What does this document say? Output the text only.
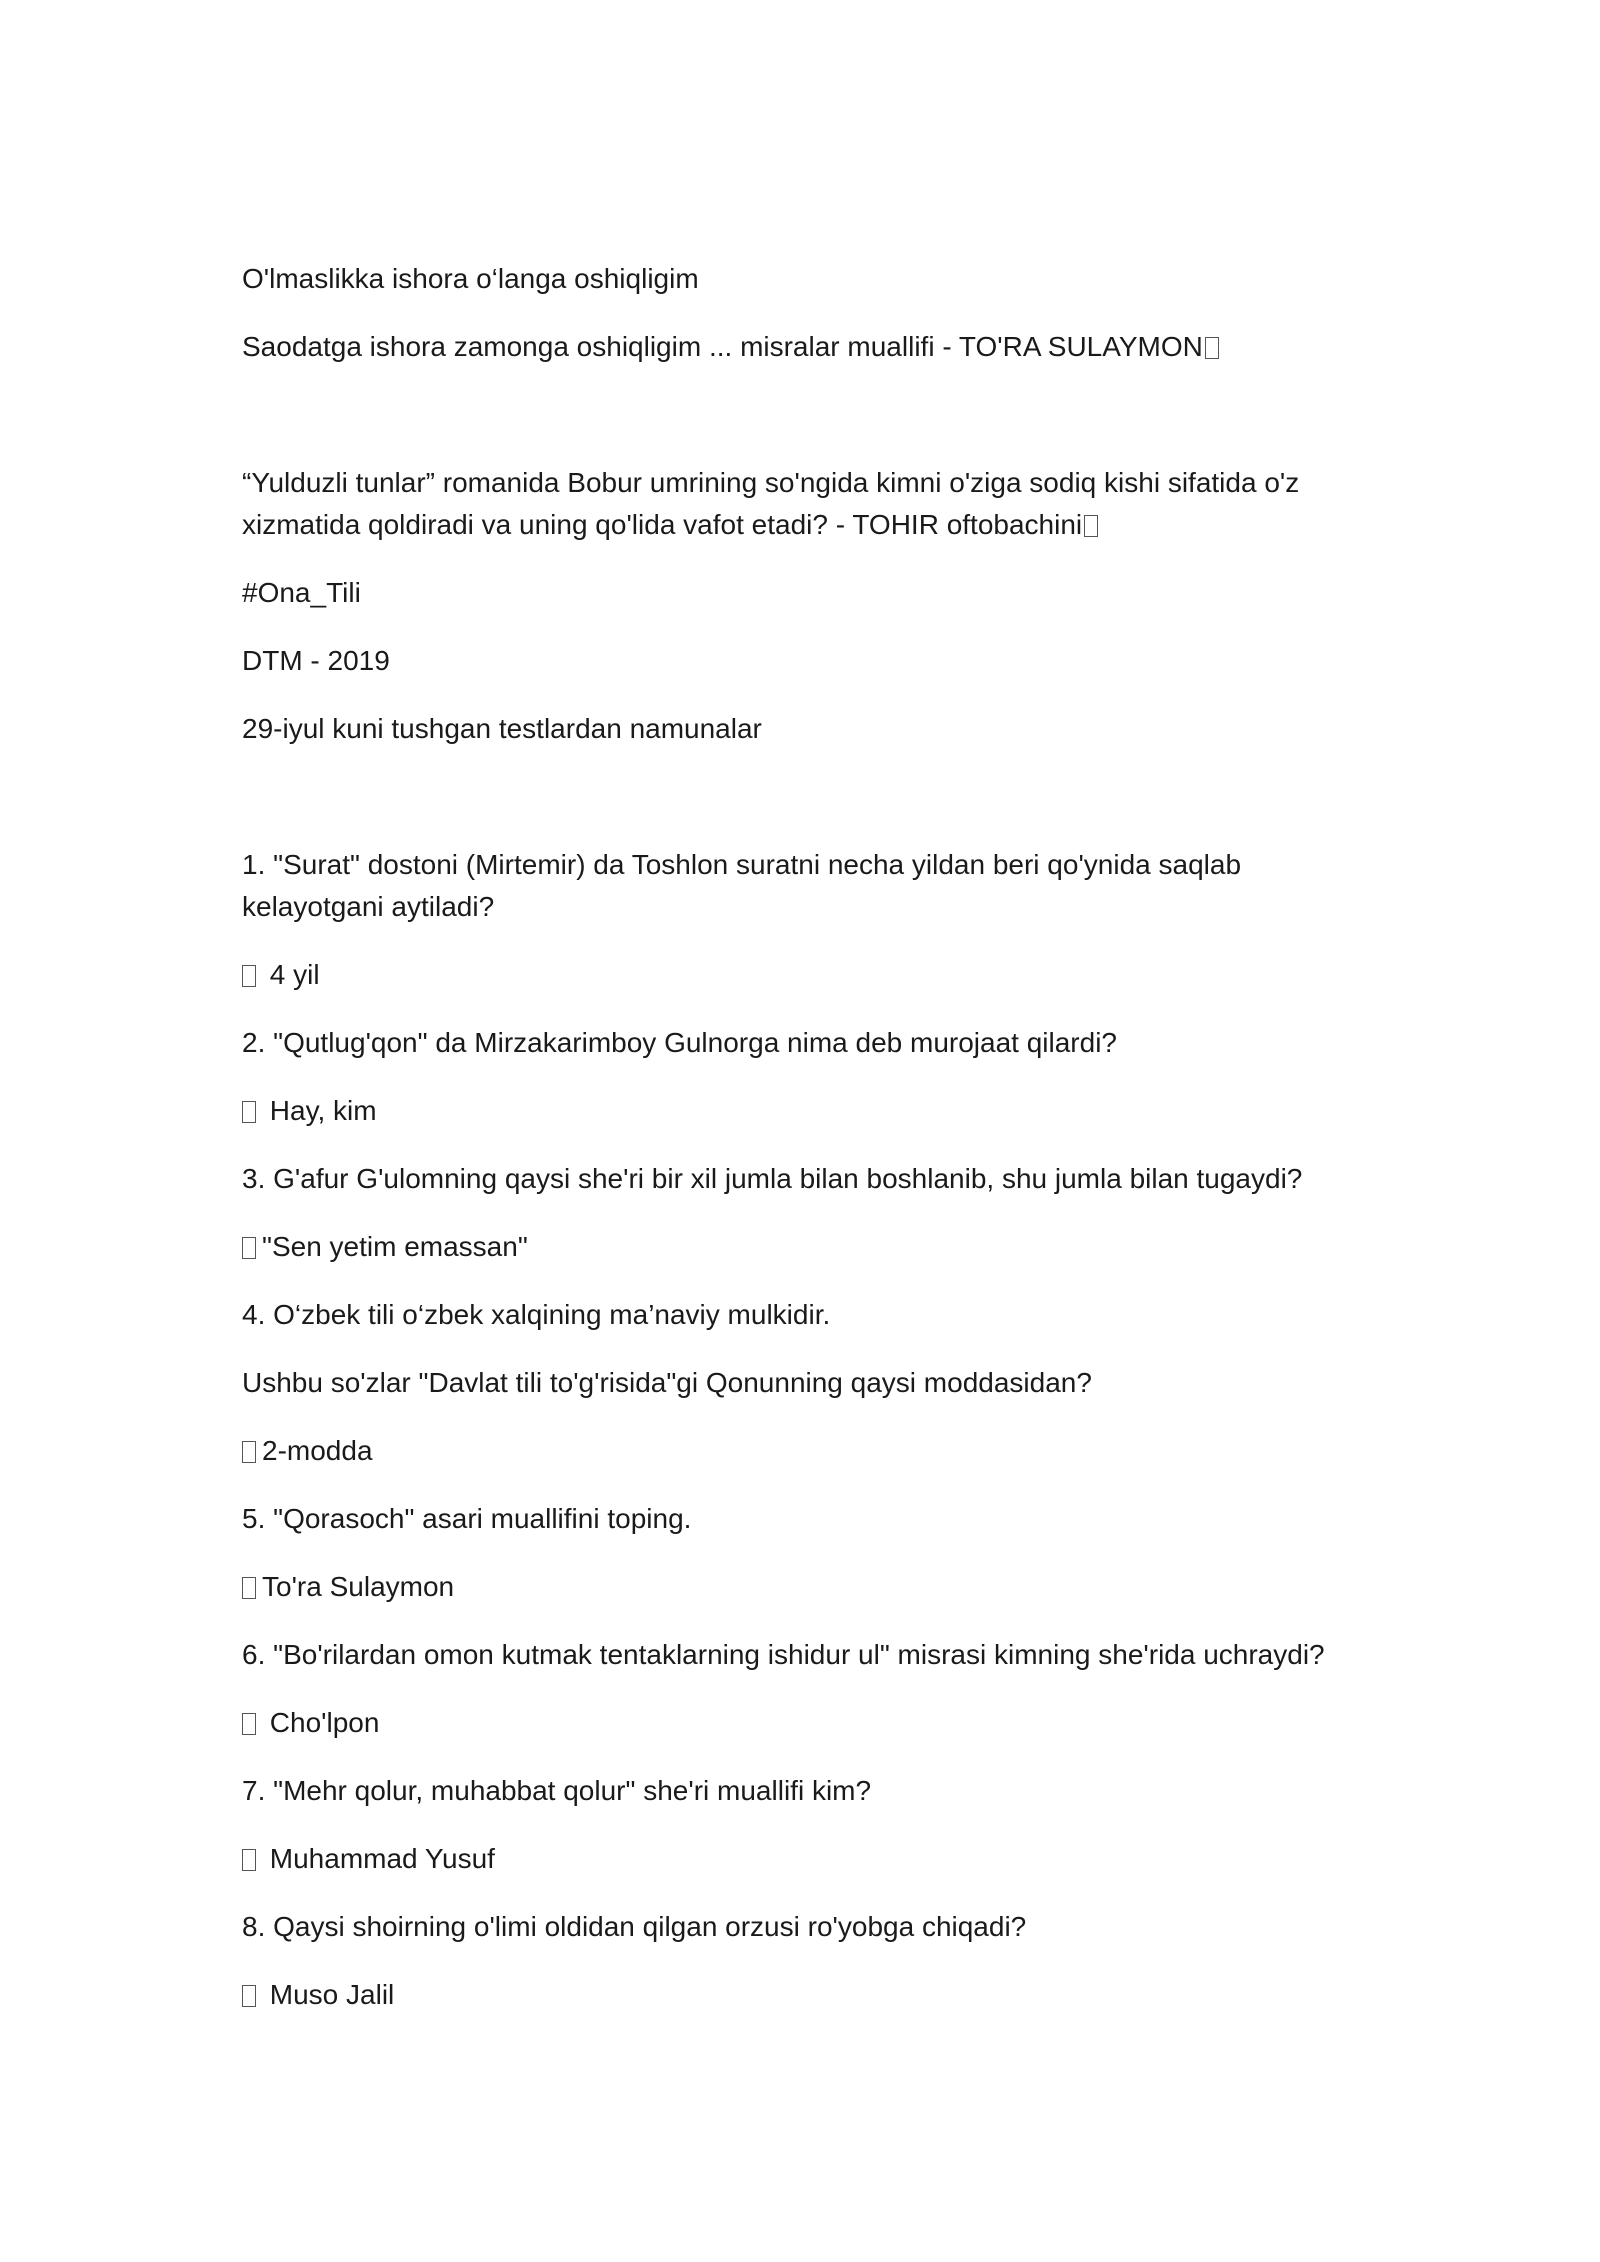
O'lmaslikka ishora o‘langa oshiqligim

Saodatga ishora zamonga oshiqligim ... misralar muallifi - TO'RA SULAYMON

“Yulduzli tunlar” romanida Bobur umrining so'ngida kimni o'ziga sodiq kishi sifatida o'z xizmatida qoldiradi va uning qo'lida vafot etadi? - TOHIR oftobachini

#Ona_Tili

DTM - 2019

29-iyul kuni tushgan testlardan namunalar

1. "Surat" dostoni (Mirtemir) da Toshlon suratni necha yildan beri qo'ynida saqlab kelayotgani aytiladi?

4 yil

2. "Qutlug'qon" da Mirzakarimboy Gulnorga nima deb murojaat qilardi?

Hay, kim

3. G'afur G'ulomning qaysi she'ri bir xil jumla bilan boshlanib, shu jumla bilan tugaydi?

"Sen yetim emassan"

4. O‘zbek tili o‘zbek xalqining ma’naviy mulkidir.

Ushbu so'zlar "Davlat tili to'g'risida"gi Qonunning qaysi moddasidan?

2-modda

5. "Qorasoch" asari muallifini toping.

To'ra Sulaymon

6. "Bo'rilardan omon kutmak tentaklarning ishidur ul" misrasi kimning she'rida uchraydi?

Cho'lpon

7. "Mehr qolur, muhabbat qolur" she'ri muallifi kim?

Muhammad Yusuf

8. Qaysi shoirning o'limi oldidan qilgan orzusi ro'yobga chiqadi?

Muso Jalil
